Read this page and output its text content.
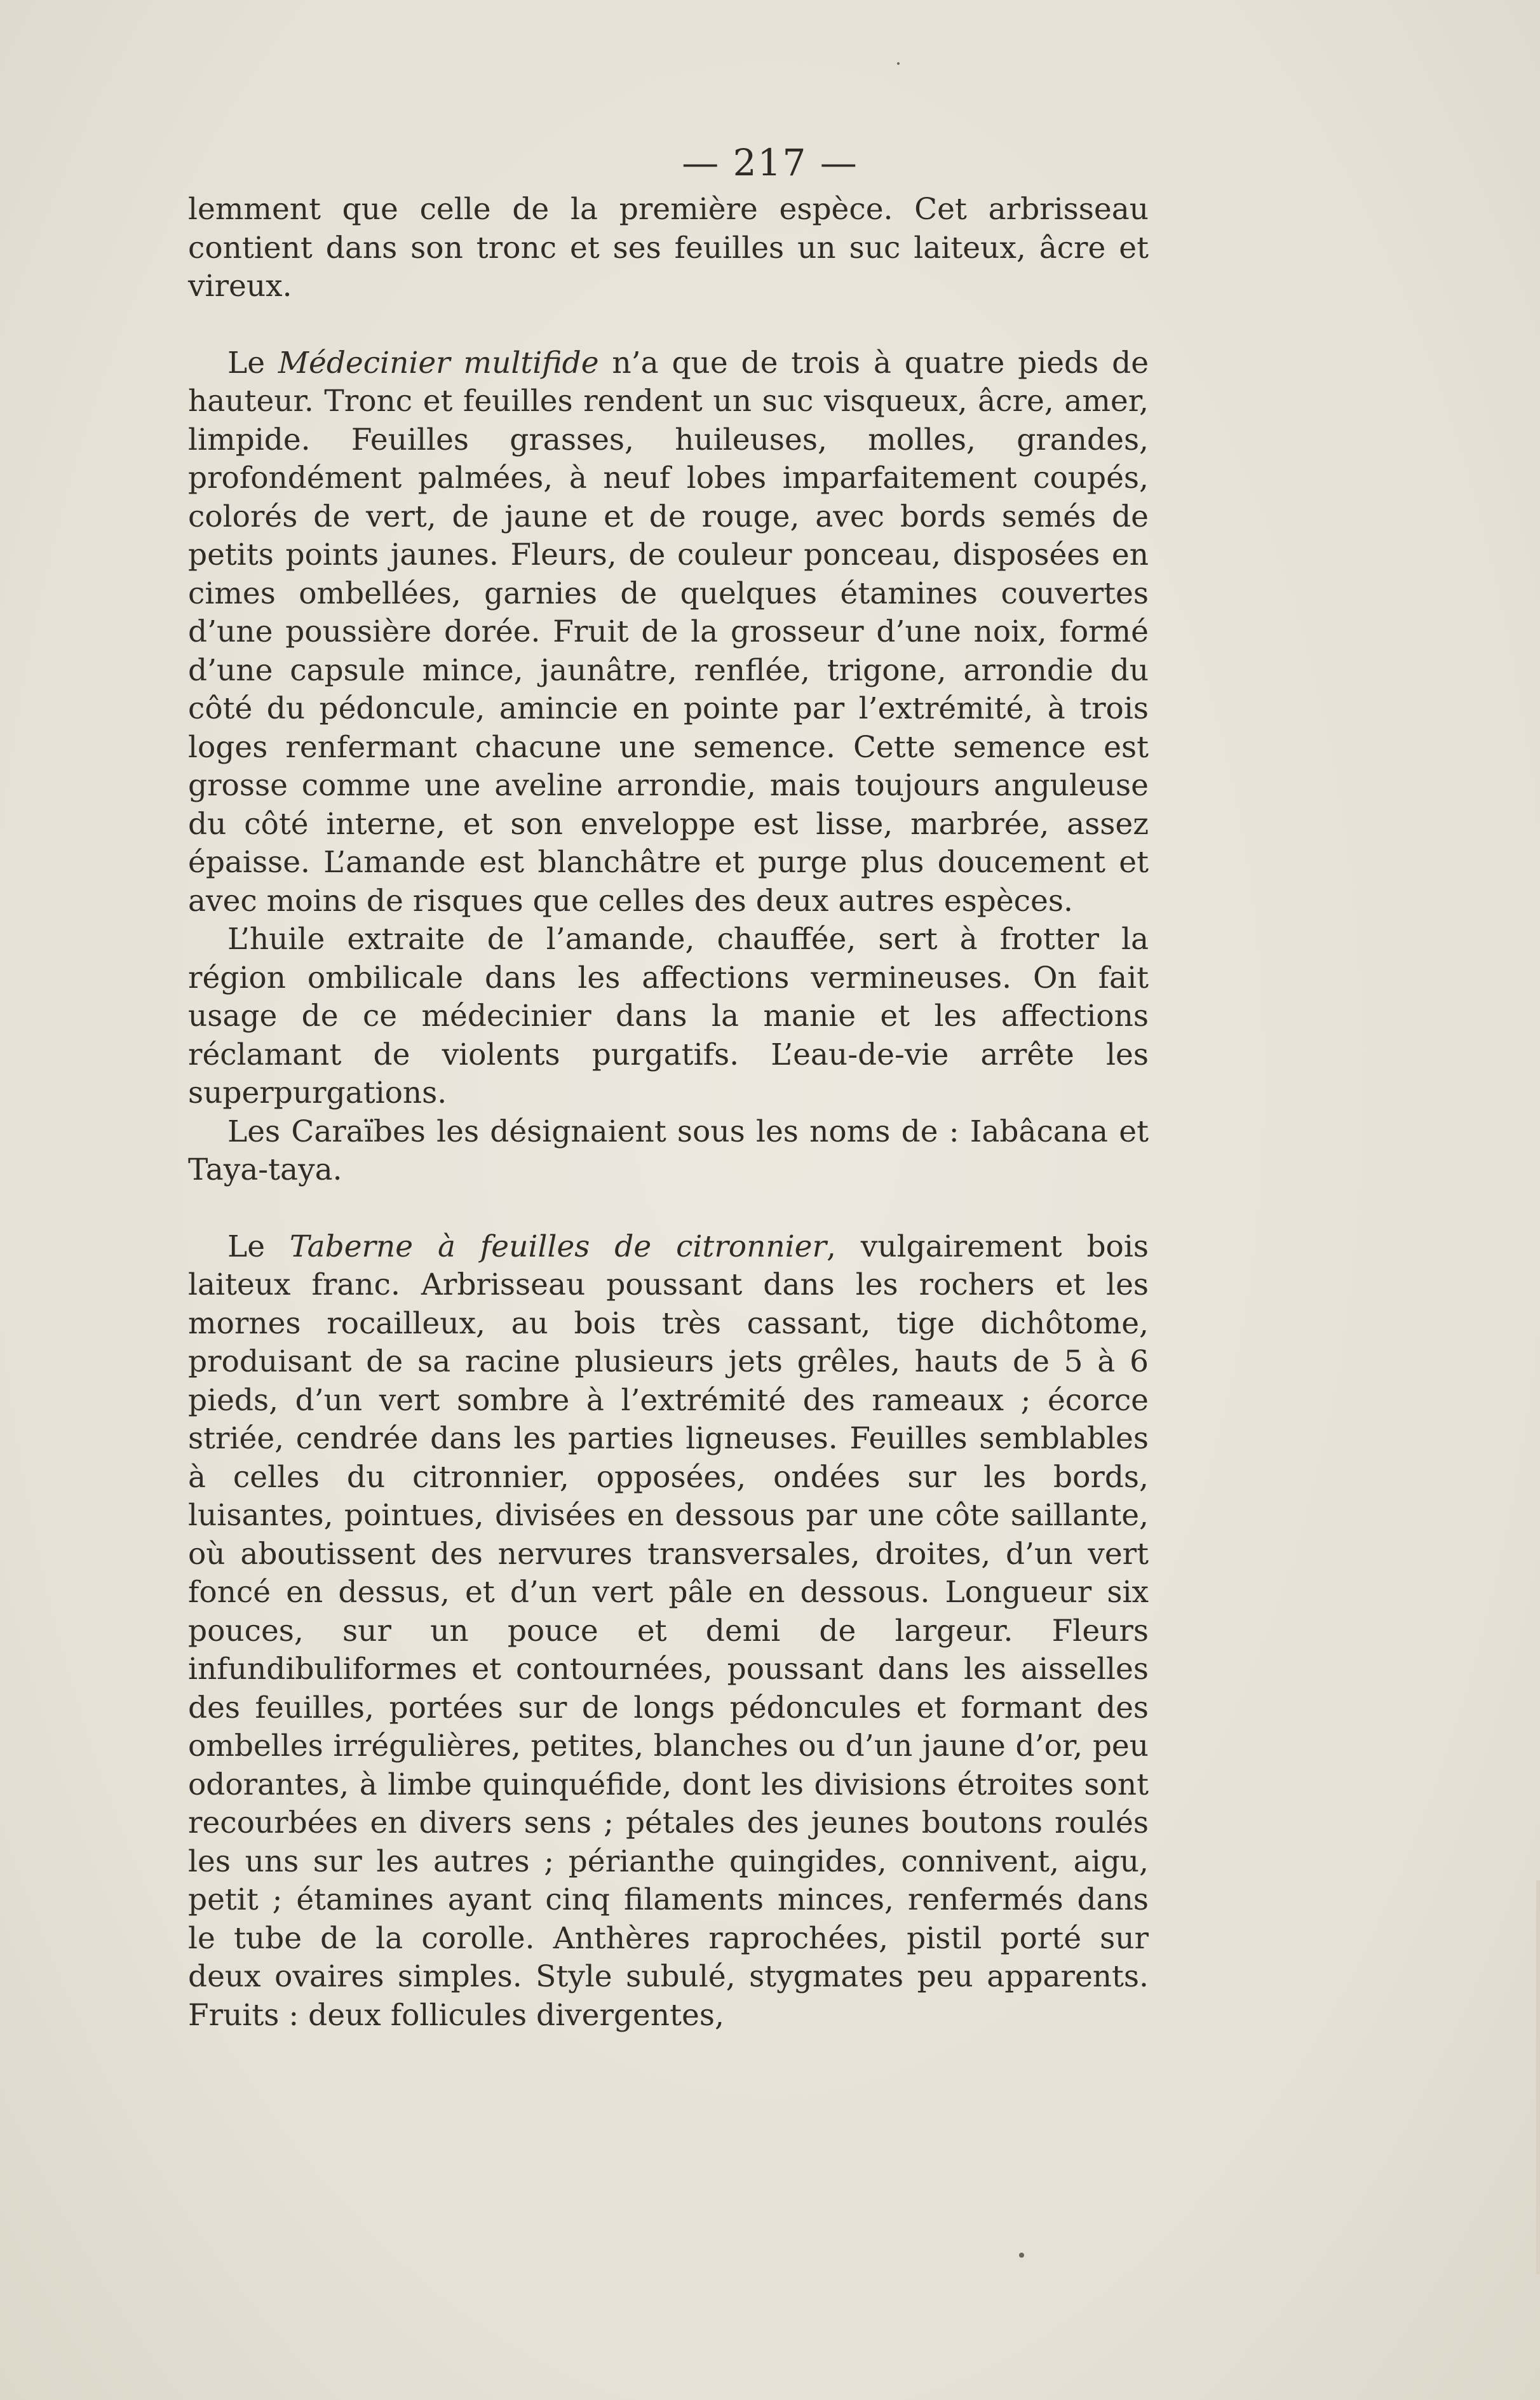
— 217 —

lemment que celle de la première espèce. Cet arbrisseau contient dans son tronc et ses feuilles un suc laiteux, âcre et vireux.

Le Médecinier multifide n’a que de trois à quatre pieds de hauteur. Tronc et feuilles rendent un suc visqueux, âcre, amer, limpide. Feuilles grasses, huileuses, molles, grandes, profondément palmées, à neuf lobes imparfaitement coupés, colorés de vert, de jaune et de rouge, avec bords semés de petits points jaunes. Fleurs, de couleur ponceau, disposées en cimes ombellées, garnies de quelques étamines couvertes d’une poussière dorée. Fruit de la grosseur d’une noix, formé d’une capsule mince, jaunâtre, renflée, trigone, arrondie du côté du pédoncule, amincie en pointe par l’extrémité, à trois loges renfermant chacune une semence. Cette semence est grosse comme une aveline arrondie, mais toujours anguleuse du côté interne, et son enveloppe est lisse, marbrée, assez épaisse. L’amande est blanchâtre et purge plus doucement et avec moins de risques que celles des deux autres espèces.

L’huile extraite de l’amande, chauffée, sert à frotter la région ombilicale dans les affections vermineuses. On fait usage de ce médecinier dans la manie et les affections réclamant de violents purgatifs. L’eau-de-vie arrête les superpurgations.

Les Caraïbes les désignaient sous les noms de : Iabâcana et Taya-taya.

Le Taberne à feuilles de citronnier, vulgairement bois laiteux franc. Arbrisseau poussant dans les rochers et les mornes rocailleux, au bois très cassant, tige dichôtome, produisant de sa racine plusieurs jets grêles, hauts de 5 à 6 pieds, d’un vert sombre à l’extrémité des rameaux ; écorce striée, cendrée dans les parties ligneuses. Feuilles semblables à celles du citronnier, opposées, ondées sur les bords, luisantes, pointues, divisées en dessous par une côte saillante, où aboutissent des nervures transversales, droites, d’un vert foncé en dessus, et d’un vert pâle en dessous. Longueur six pouces, sur un pouce et demi de largeur. Fleurs infundibuliformes et contournées, poussant dans les aisselles des feuilles, portées sur de longs pédoncules et formant des ombelles irrégulières, petites, blanches ou d’un jaune d’or, peu odorantes, à limbe quinquéfide, dont les divisions étroites sont recourbées en divers sens ; pétales des jeunes boutons roulés les uns sur les autres ; périanthe quingides, connivent, aigu, petit ; étamines ayant cinq filaments minces, renfermés dans le tube de la corolle. Anthères raprochées, pistil porté sur deux ovaires simples. Style subulé, stygmates peu apparents. Fruits : deux follicules divergentes,
